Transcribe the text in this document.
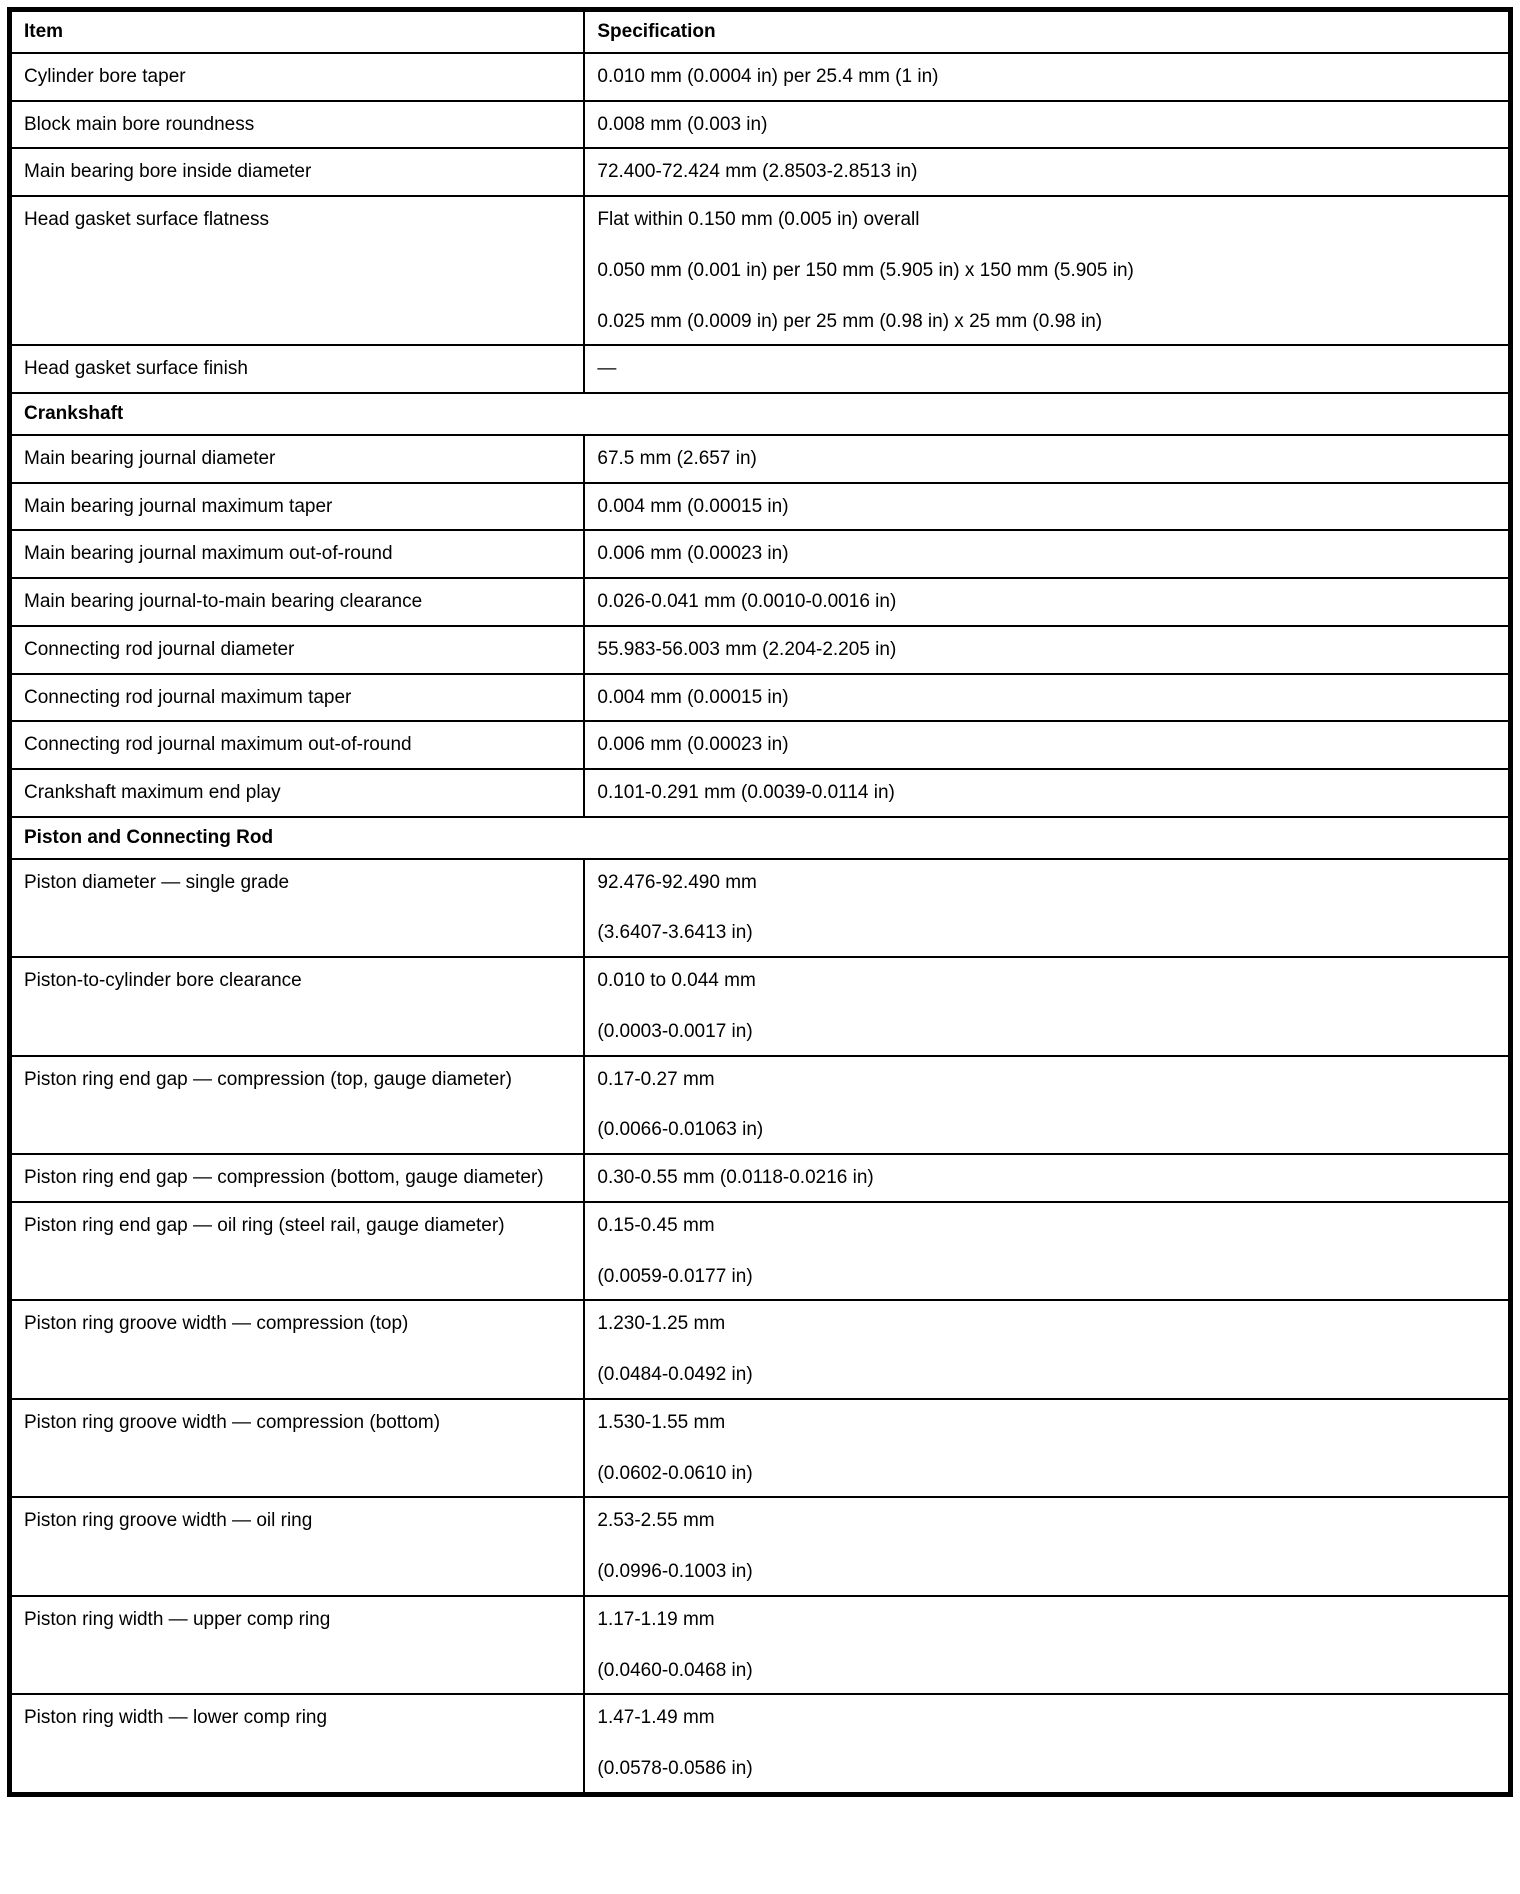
Item	Specification
Cylinder bore taper	0.010 mm (0.0004 in) per 25.4 mm (1 in)

Block main bore roundness	0.008 mm (0.003 in)

Main bearing bore inside diameter	72.400-72.424 mm (2.8503-2.8513 in)

Head gasket surface flatness	Flat within 0.150 mm (0.005 in) overall

0.050 mm (0.001 in) per 150 mm (5.905 in) x 150 mm (5.905 in)

0.025 mm (0.0009 in) per 25 mm (0.98 in) x 25 mm (0.98 in)

Head gasket surface finish	—

Crankshaft	
Main bearing journal diameter	67.5 mm (2.657 in)

Main bearing journal maximum taper	0.004 mm (0.00015 in)

Main bearing journal maximum out-of-round	0.006 mm (0.00023 in)

Main bearing journal-to-main bearing clearance	0.026-0.041 mm (0.0010-0.0016 in)

Connecting rod journal diameter	55.983-56.003 mm (2.204-2.205 in)

Connecting rod journal maximum taper	0.004 mm (0.00015 in)

Connecting rod journal maximum out-of-round	0.006 mm (0.00023 in)

Crankshaft maximum end play	0.101-0.291 mm (0.0039-0.0114 in)

Piston and Connecting Rod	
Piston diameter — single grade	92.476-92.490 mm

(3.6407-3.6413 in)

Piston-to-cylinder bore clearance	0.010 to 0.044 mm

(0.0003-0.0017 in)

Piston ring end gap — compression (top, gauge diameter)	0.17-0.27 mm

(0.0066-0.01063 in)

Piston ring end gap — compression (bottom, gauge diameter)	0.30-0.55 mm (0.0118-0.0216 in)

Piston ring end gap — oil ring (steel rail, gauge diameter)	0.15-0.45 mm

(0.0059-0.0177 in)

Piston ring groove width — compression (top)	1.230-1.25 mm

(0.0484-0.0492 in)

Piston ring groove width — compression (bottom)	1.530-1.55 mm

(0.0602-0.0610 in)

Piston ring groove width — oil ring	2.53-2.55 mm

(0.0996-0.1003 in)

Piston ring width — upper comp ring	1.17-1.19 mm

(0.0460-0.0468 in)

Piston ring width — lower comp ring	1.47-1.49 mm

(0.0578-0.0586 in)
